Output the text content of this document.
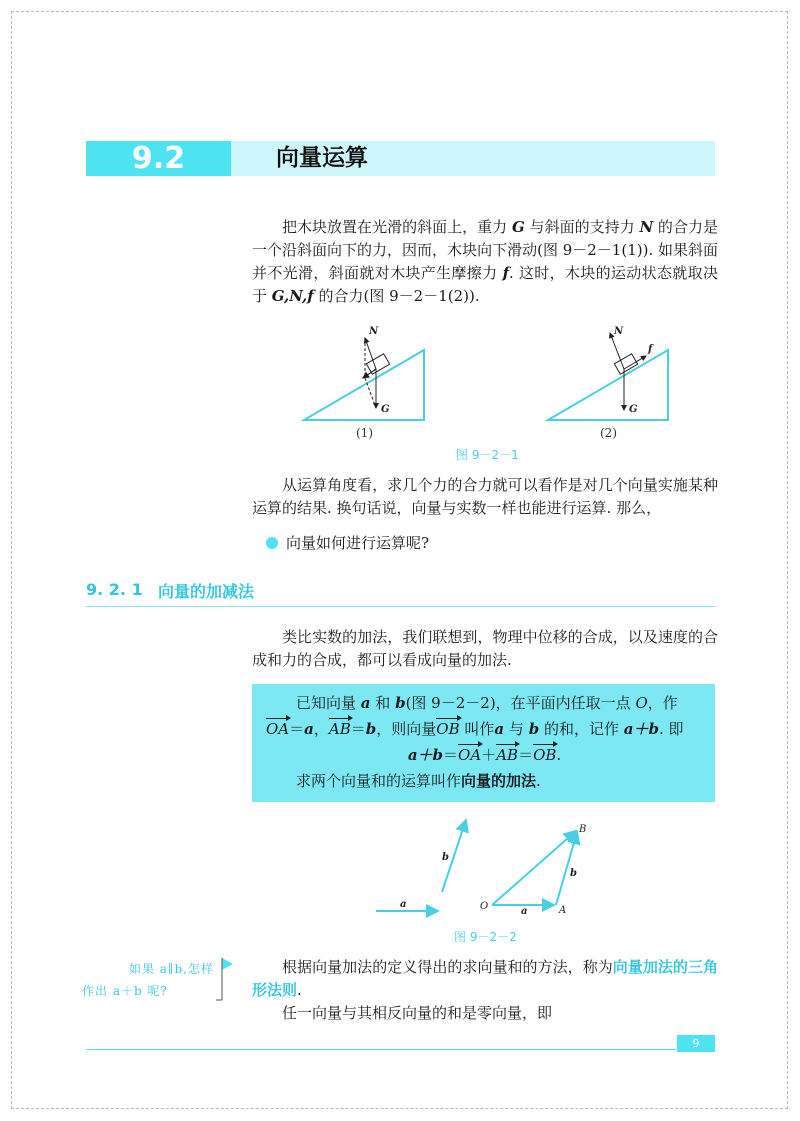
9.2	向量运算

把木块放置在光滑的斜面上，重力 G 与斜面的支持力 N 的合力是一个沿斜面向下的力，因而，木块向下滑动(图 9－2－1(1)). 如果斜面并不光滑，斜面就对木块产生摩擦力 f. 这时，木块的运动状态就取决于 G,N,f 的合力(图 9－2－1(2)).

N
G
N
G
f
(1)	(2)
图 9－2－1

从运算角度看，求几个力的合力就可以看作是对几个向量实施某种运算的结果. 换句话说，向量与实数一样也能进行运算. 那么，

向量如何进行运算呢?
9. 2. 1 向量的加减法

类比实数的加法，我们联想到，物理中位移的合成，以及速度的合成和力的合成，都可以看成向量的加法.

已知向量 a 和 b(图 9－2－2)，在平面内任取一点 O，作

OA＝a，AB＝b，则向量OB 叫作a 与 b 的和，记作 a＋b. 即

a＋b＝OA＋AB＝OB.

求两个向量和的运算叫作向量的加法.

a
b
O	A
B
a
b
图 9－2－2
如果 a∥b,怎样
作出 a＋b 呢?

根据向量加法的定义得出的求向量和的方法，称为向量加法的三角形法则.

任一向量与其相反向量的和是零向量，即

9
